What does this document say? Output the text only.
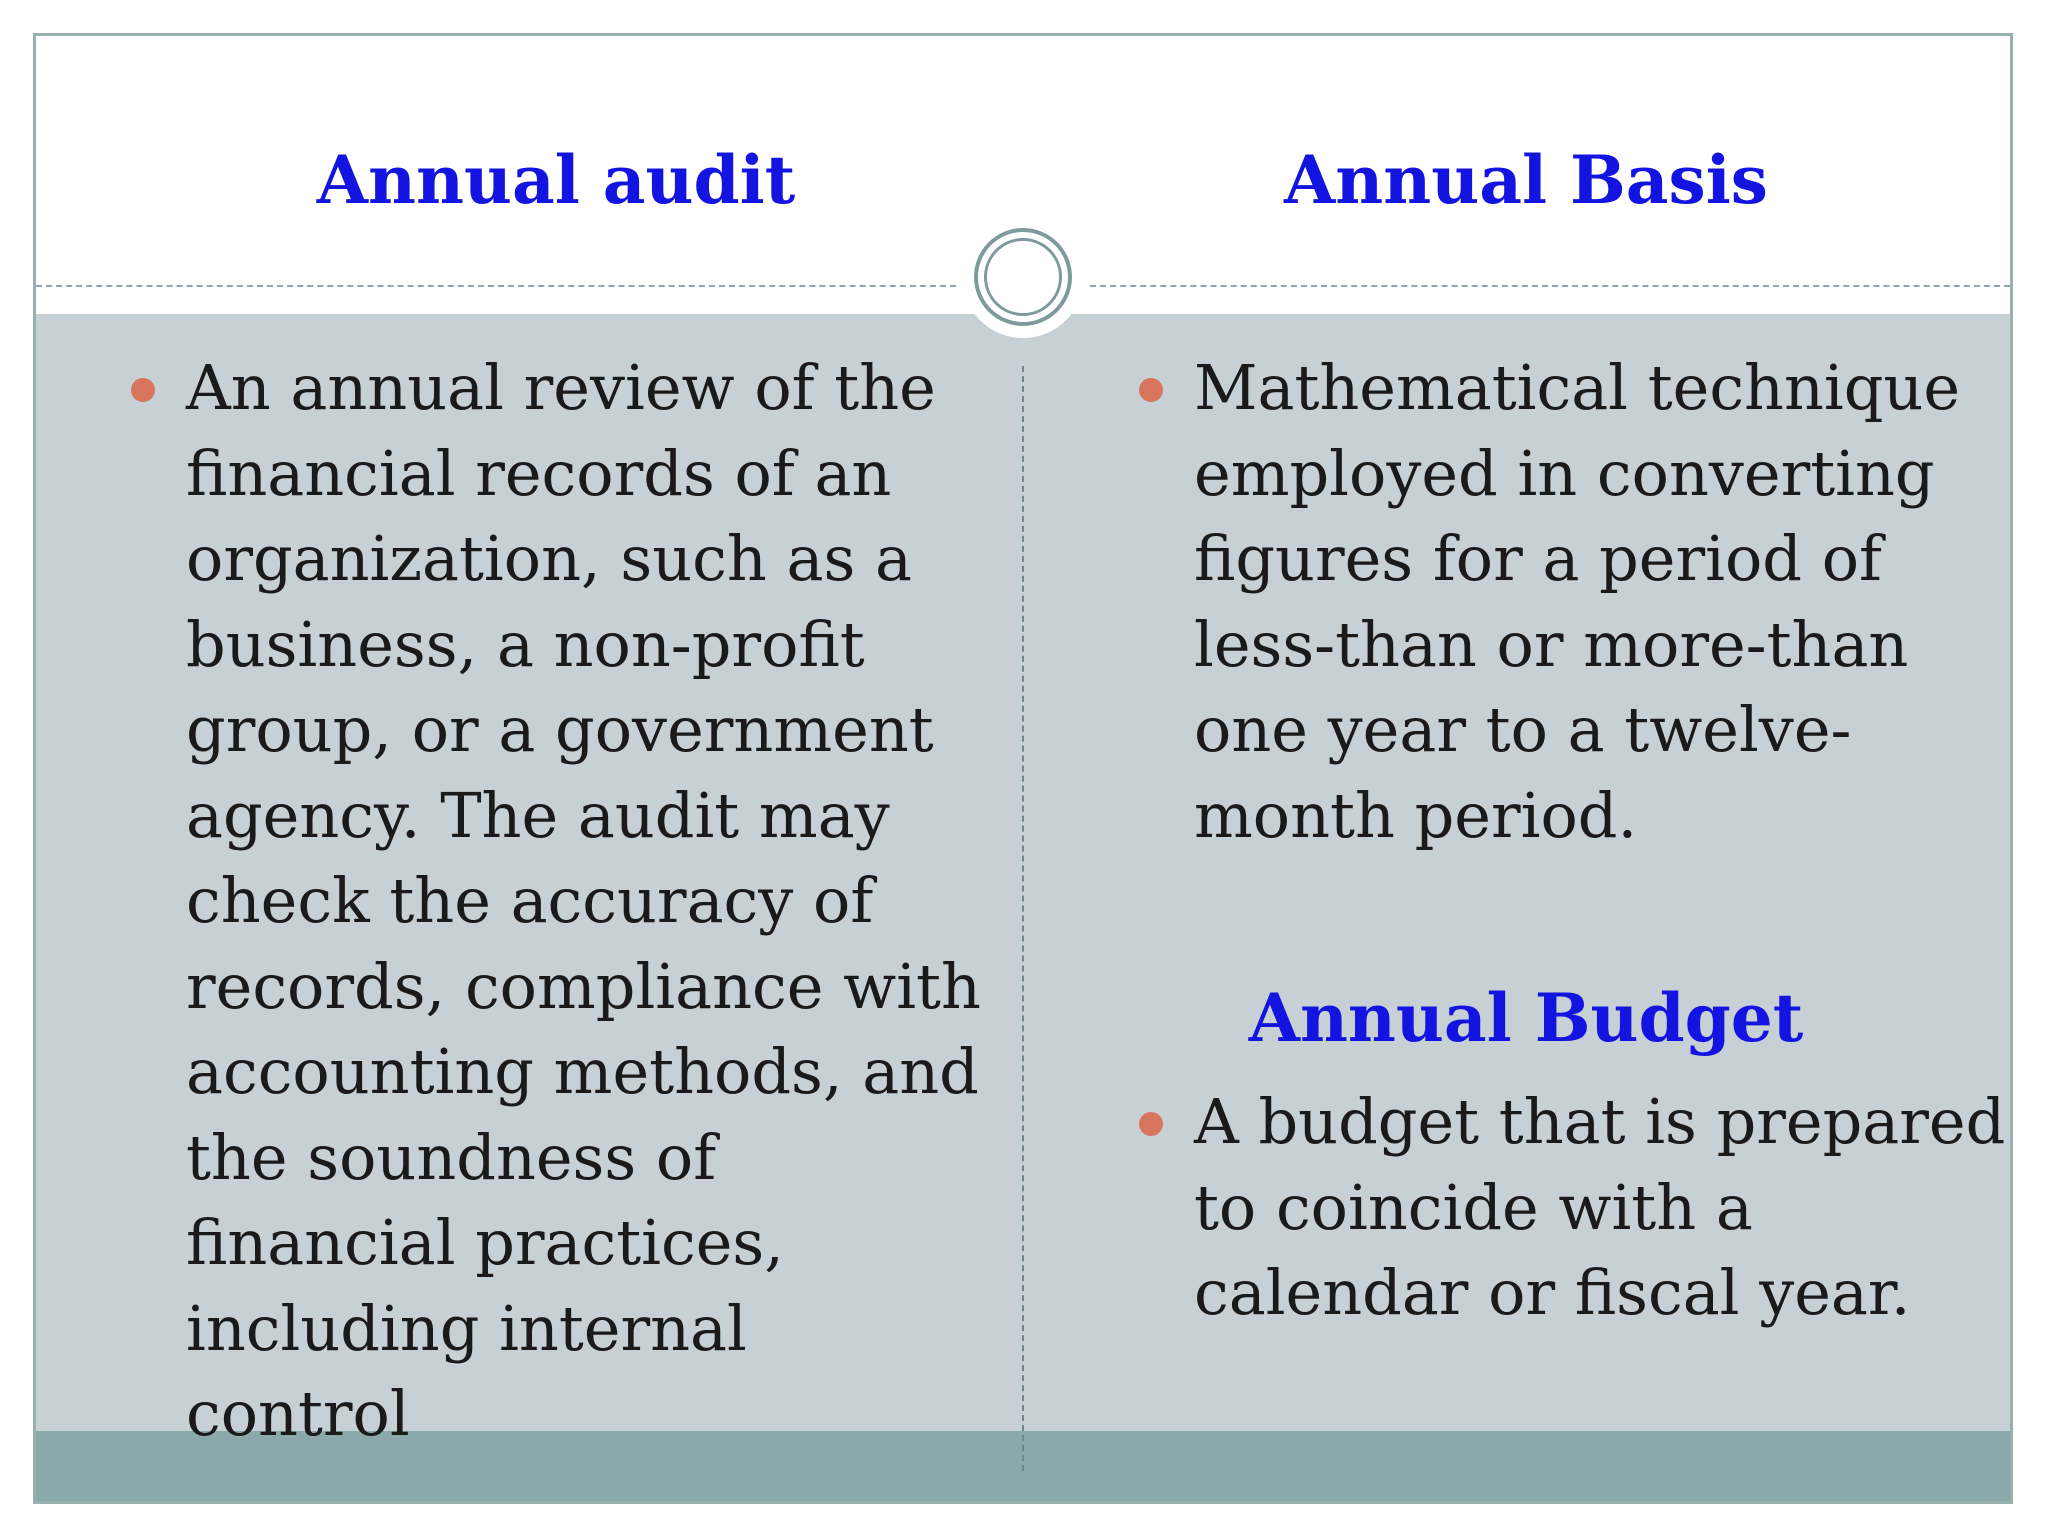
Annual audit	Annual Basis
An annual review of the
financial records of an
organization, such as a
business, a non-profit
group, or a government
agency. The audit may
check the accuracy of
records, compliance with
accounting methods, and
the soundness of
financial practices,
including internal
control
Mathematical technique
employed in converting
figures for a period of
less-than or more-than
one year to a twelve-
month period.
Annual Budget
A budget that is prepared
to coincide with a
calendar or fiscal year.
